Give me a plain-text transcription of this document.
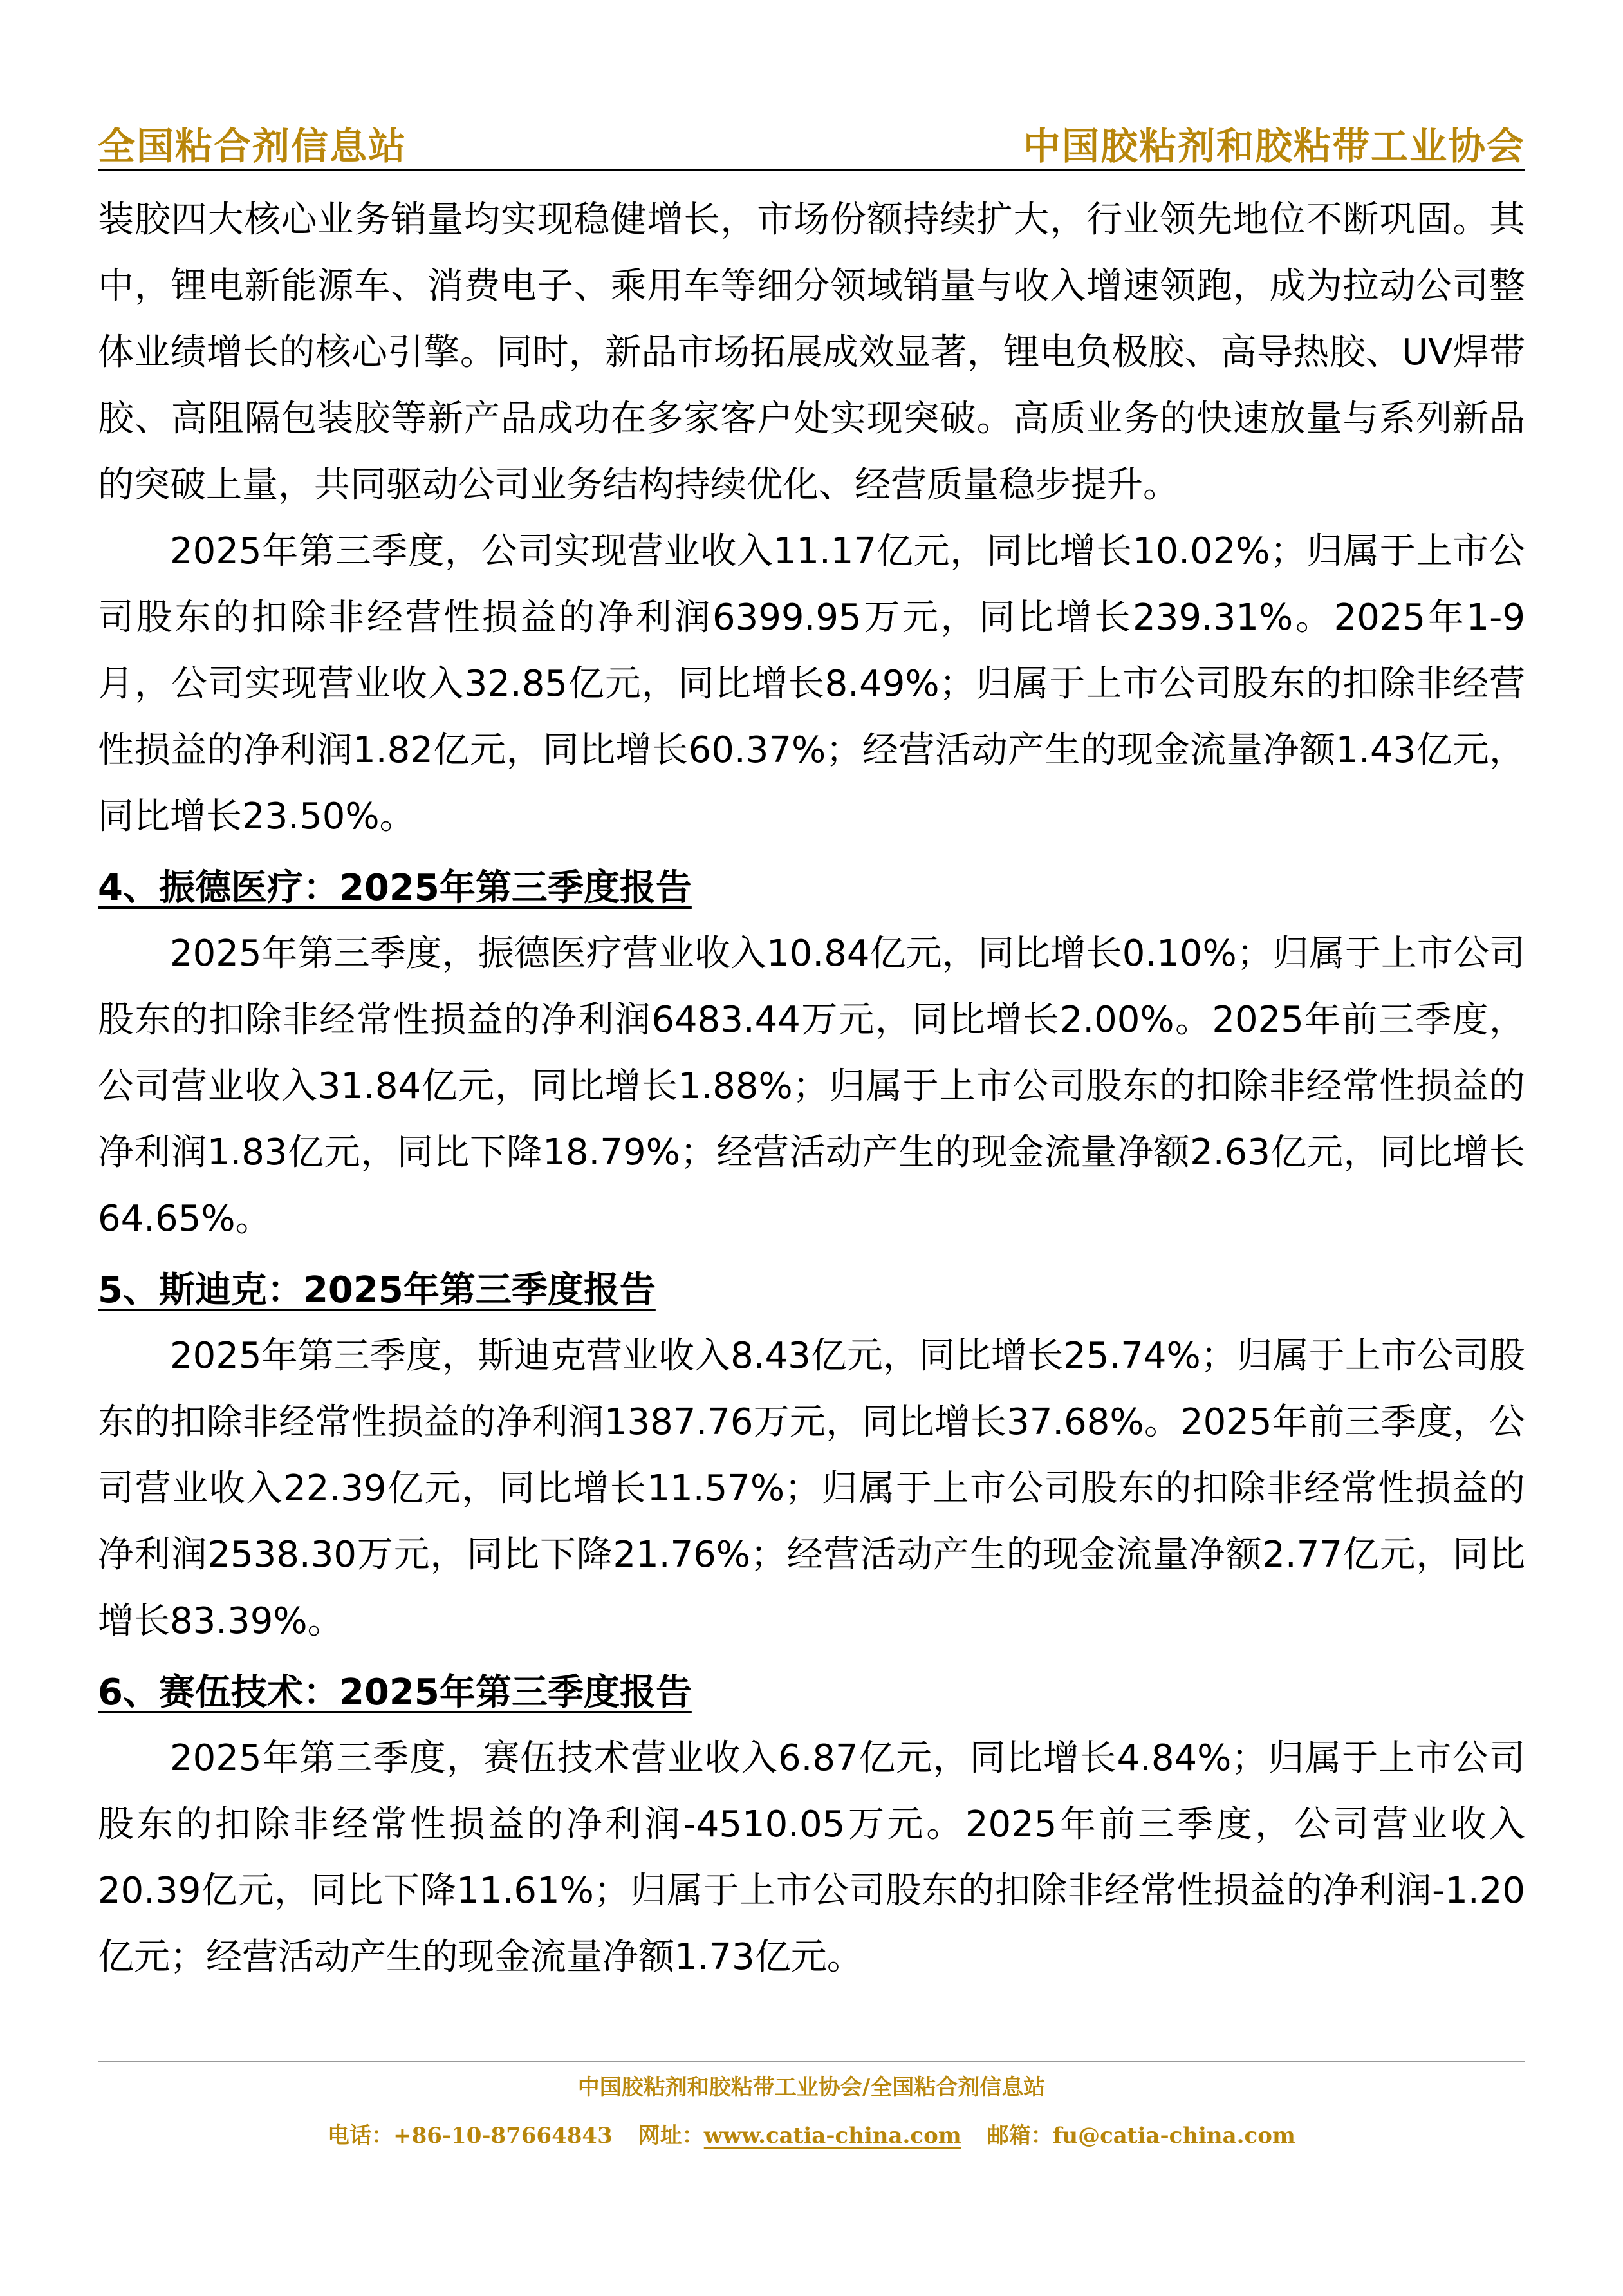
全国粘合剂信息站	中国胶粘剂和胶粘带工业协会

装胶四大核心业务销量均实现稳健增长，市场份额持续扩大，行业领先地位不断巩固。其中，锂电新能源车、消费电子、乘用车等细分领域销量与收入增速领跑，成为拉动公司整体业绩增长的核心引擎。同时，新品市场拓展成效显著，锂电负极胶、高导热胶、UV焊带胶、高阻隔包装胶等新产品成功在多家客户处实现突破。高质业务的快速放量与系列新品的突破上量，共同驱动公司业务结构持续优化、经营质量稳步提升。

2025年第三季度，公司实现营业收入11.17亿元，同比增长10.02%；归属于上市公司股东的扣除非经营性损益的净利润6399.95万元，同比增长239.31%。2025年1-9月，公司实现营业收入32.85亿元，同比增长8.49%；归属于上市公司股东的扣除非经营性损益的净利润1.82亿元，同比增长60.37%；经营活动产生的现金流量净额1.43亿元，同比增长23.50%。

4、振德医疗：2025年第三季度报告

2025年第三季度，振德医疗营业收入10.84亿元，同比增长0.10%；归属于上市公司股东的扣除非经常性损益的净利润6483.44万元，同比增长2.00%。2025年前三季度，公司营业收入31.84亿元，同比增长1.88%；归属于上市公司股东的扣除非经常性损益的净利润1.83亿元，同比下降18.79%；经营活动产生的现金流量净额2.63亿元，同比增长64.65%。

5、斯迪克：2025年第三季度报告

2025年第三季度，斯迪克营业收入8.43亿元，同比增长25.74%；归属于上市公司股东的扣除非经常性损益的净利润1387.76万元，同比增长37.68%。2025年前三季度，公司营业收入22.39亿元，同比增长11.57%；归属于上市公司股东的扣除非经常性损益的净利润2538.30万元，同比下降21.76%；经营活动产生的现金流量净额2.77亿元，同比增长83.39%。

6、赛伍技术：2025年第三季度报告

2025年第三季度，赛伍技术营业收入6.87亿元，同比增长4.84%；归属于上市公司股东的扣除非经常性损益的净利润-4510.05万元。2025年前三季度，公司营业收入20.39亿元，同比下降11.61%；归属于上市公司股东的扣除非经常性损益的净利润-1.20亿元；经营活动产生的现金流量净额1.73亿元。

中国胶粘剂和胶粘带工业协会/全国粘合剂信息站
电话：+86-10-87664843 网址：www.catia-china.com 邮箱：fu@catia-china.com
